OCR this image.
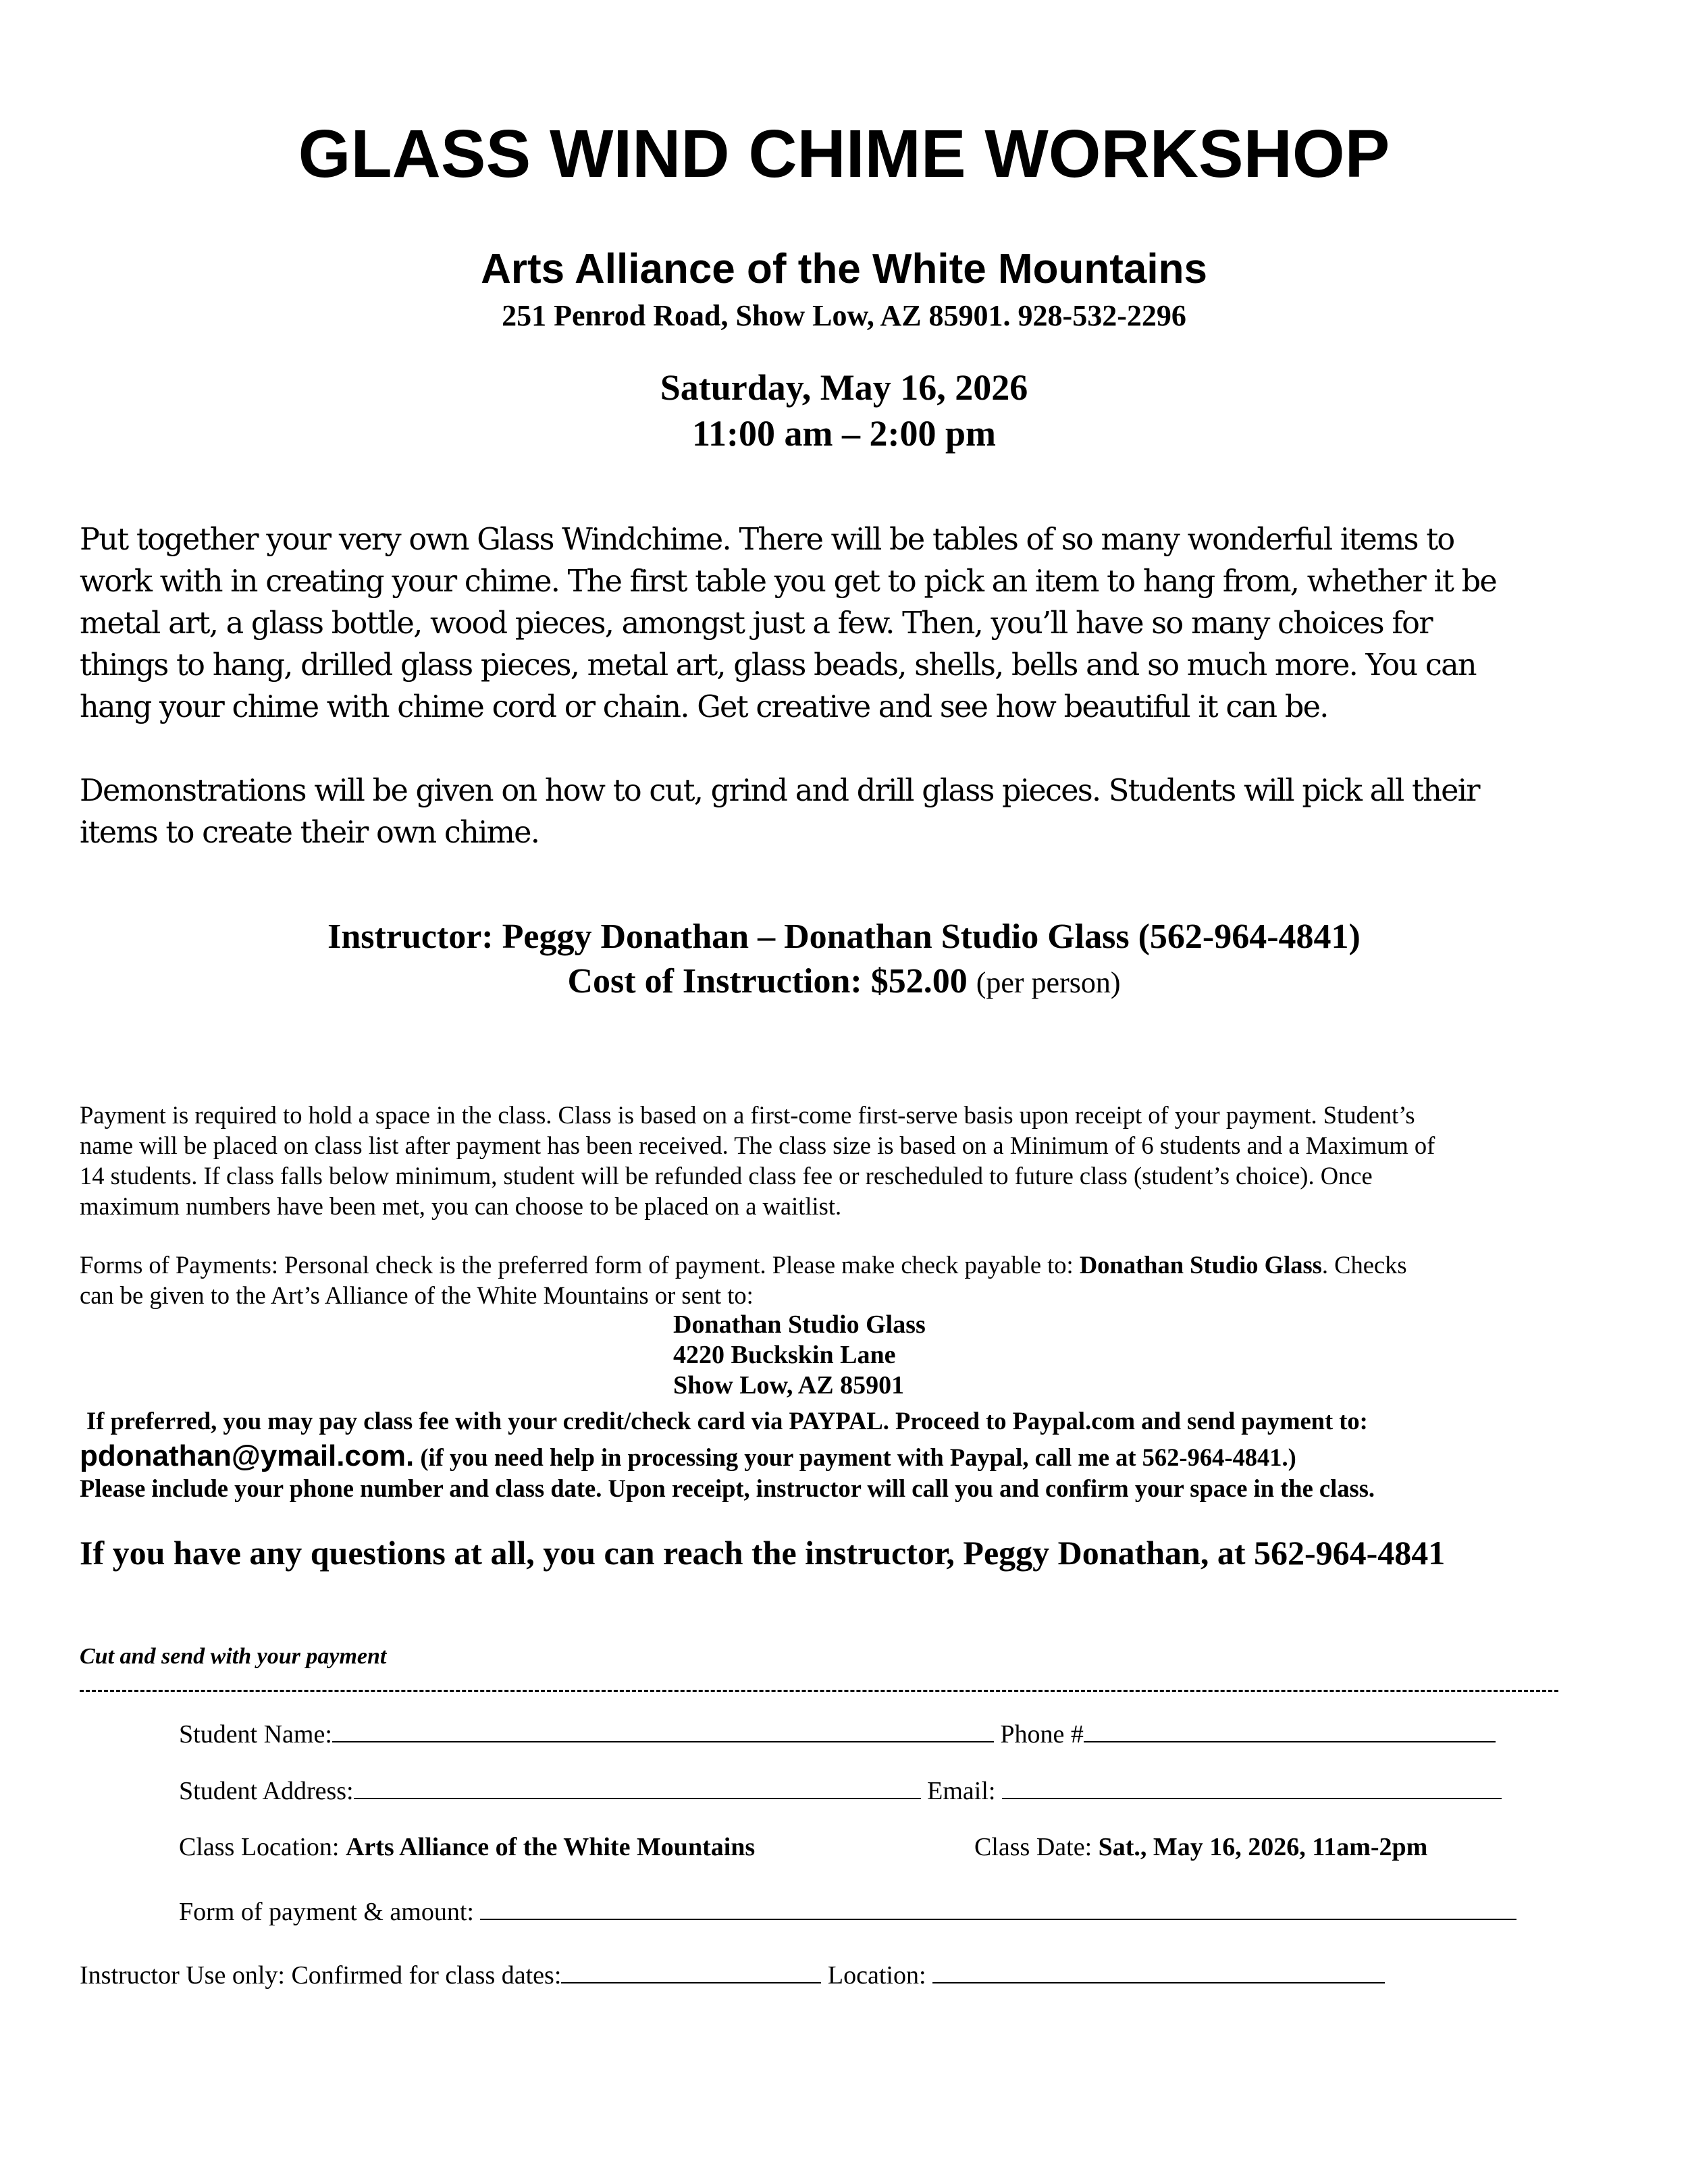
GLASS WIND CHIME WORKSHOP
Arts Alliance of the White Mountains
251 Penrod Road, Show Low, AZ 85901. 928-532-2296
Saturday, May 16, 2026
11:00 am – 2:00 pm
Put together your very own Glass Windchime. There will be tables of so many wonderful items to
work with in creating your chime. The first table you get to pick an item to hang from, whether it be
metal art, a glass bottle, wood pieces, amongst just a few. Then, you’ll have so many choices for
things to hang, drilled glass pieces, metal art, glass beads, shells, bells and so much more. You can
hang your chime with chime cord or chain. Get creative and see how beautiful it can be.
Demonstrations will be given on how to cut, grind and drill glass pieces. Students will pick all their
items to create their own chime.
Instructor: Peggy Donathan – Donathan Studio Glass (562-964-4841)
Cost of Instruction: $52.00 (per person)
Payment is required to hold a space in the class. Class is based on a first-come first-serve basis upon receipt of your payment. Student’s
name will be placed on class list after payment has been received. The class size is based on a Minimum of 6 students and a Maximum of
14 students. If class falls below minimum, student will be refunded class fee or rescheduled to future class (student’s choice). Once
maximum numbers have been met, you can choose to be placed on a waitlist.
Forms of Payments: Personal check is the preferred form of payment. Please make check payable to: Donathan Studio Glass. Checks
can be given to the Art’s Alliance of the White Mountains or sent to:
Donathan Studio Glass
4220 Buckskin Lane
Show Low, AZ 85901
If preferred, you may pay class fee with your credit/check card via PAYPAL. Proceed to Paypal.com and send payment to:
pdonathan@ymail.com. (if you need help in processing your payment with Paypal, call me at 562-964-4841.)
Please include your phone number and class date. Upon receipt, instructor will call you and confirm your space in the class.
If you have any questions at all, you can reach the instructor, Peggy Donathan, at 562-964-4841
Cut and send with your payment
Student Name:	Phone #
Student Address:	Email:
Class Location: Arts Alliance of the White Mountains	Class Date: Sat., May 16, 2026, 11am-2pm
Form of payment & amount:
Instructor Use only: Confirmed for class dates:	Location:
